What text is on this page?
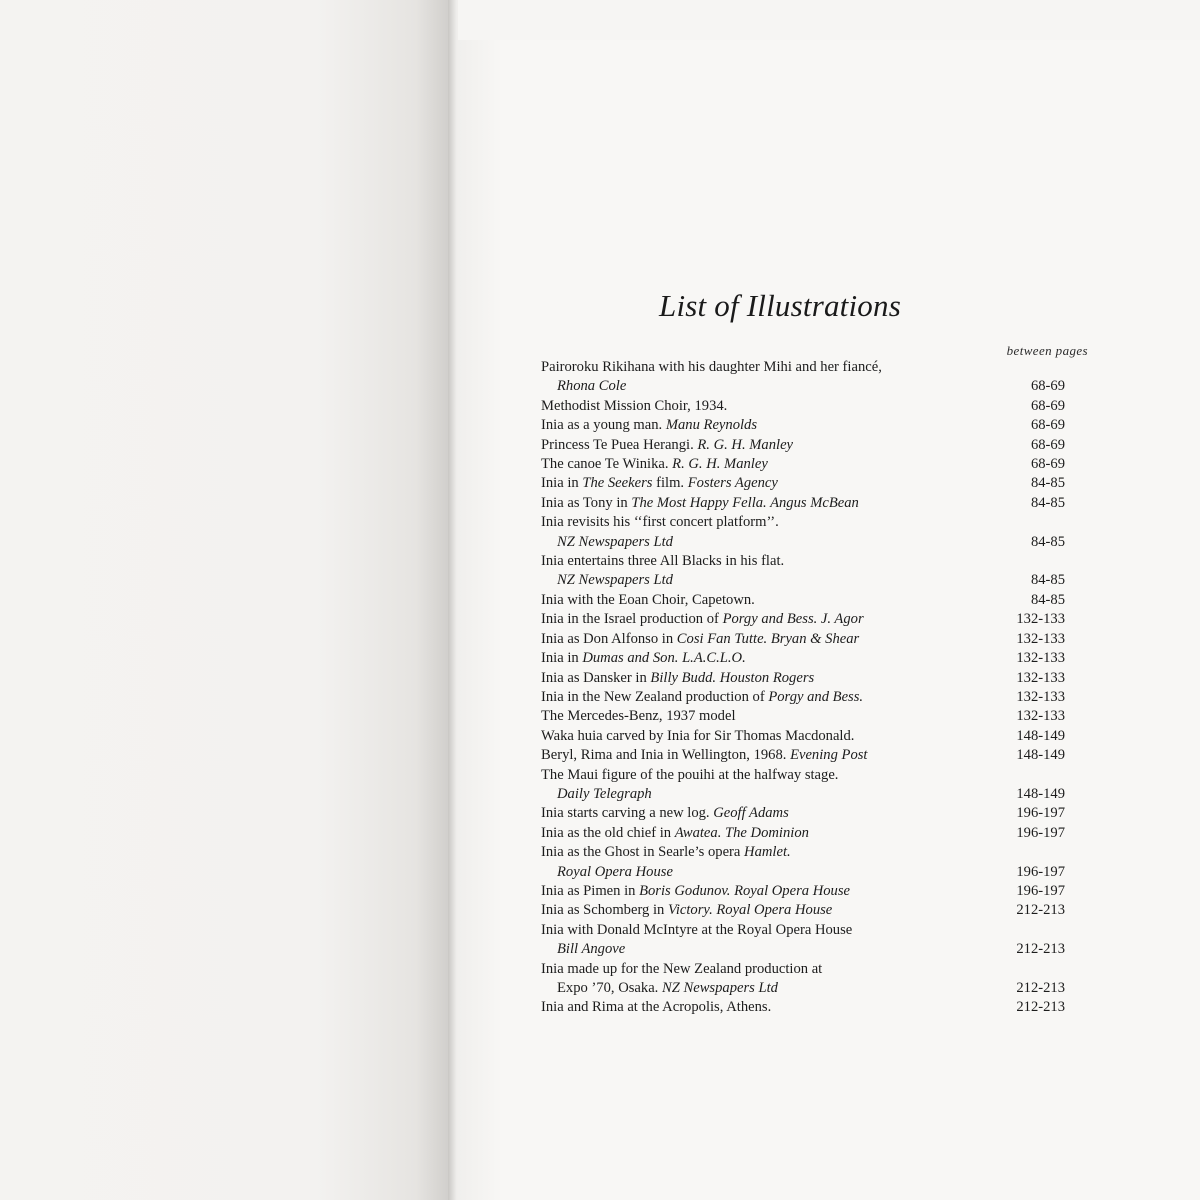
List of Illustrations
between pages
Pairoroku Rikihana with his daughter Mihi and her fiancé,
Rhona Cole	68-69
Methodist Mission Choir, 1934.	68-69
Inia as a young man. Manu Reynolds	68-69
Princess Te Puea Herangi. R. G. H. Manley	68-69
The canoe Te Winika. R. G. H. Manley	68-69
Inia in The Seekers film. Fosters Agency	84-85
Inia as Tony in The Most Happy Fella. Angus McBean	84-85
Inia revisits his ‘‘first concert platform’’.
NZ Newspapers Ltd	84-85
Inia entertains three All Blacks in his flat.
NZ Newspapers Ltd	84-85
Inia with the Eoan Choir, Capetown.	84-85
Inia in the Israel production of Porgy and Bess. J. Agor	132-133
Inia as Don Alfonso in Cosi Fan Tutte. Bryan & Shear	132-133
Inia in Dumas and Son. L.A.C.L.O.	132-133
Inia as Dansker in Billy Budd. Houston Rogers	132-133
Inia in the New Zealand production of Porgy and Bess.	132-133
The Mercedes-Benz, 1937 model	132-133
Waka huia carved by Inia for Sir Thomas Macdonald.	148-149
Beryl, Rima and Inia in Wellington, 1968. Evening Post	148-149
The Maui figure of the pouihi at the halfway stage.
Daily Telegraph	148-149
Inia starts carving a new log. Geoff Adams	196-197
Inia as the old chief in Awatea. The Dominion	196-197
Inia as the Ghost in Searle’s opera Hamlet.
Royal Opera House	196-197
Inia as Pimen in Boris Godunov. Royal Opera House	196-197
Inia as Schomberg in Victory. Royal Opera House	212-213
Inia with Donald McIntyre at the Royal Opera House
Bill Angove	212-213
Inia made up for the New Zealand production at
Expo ’70, Osaka. NZ Newspapers Ltd	212-213
Inia and Rima at the Acropolis, Athens.	212-213
